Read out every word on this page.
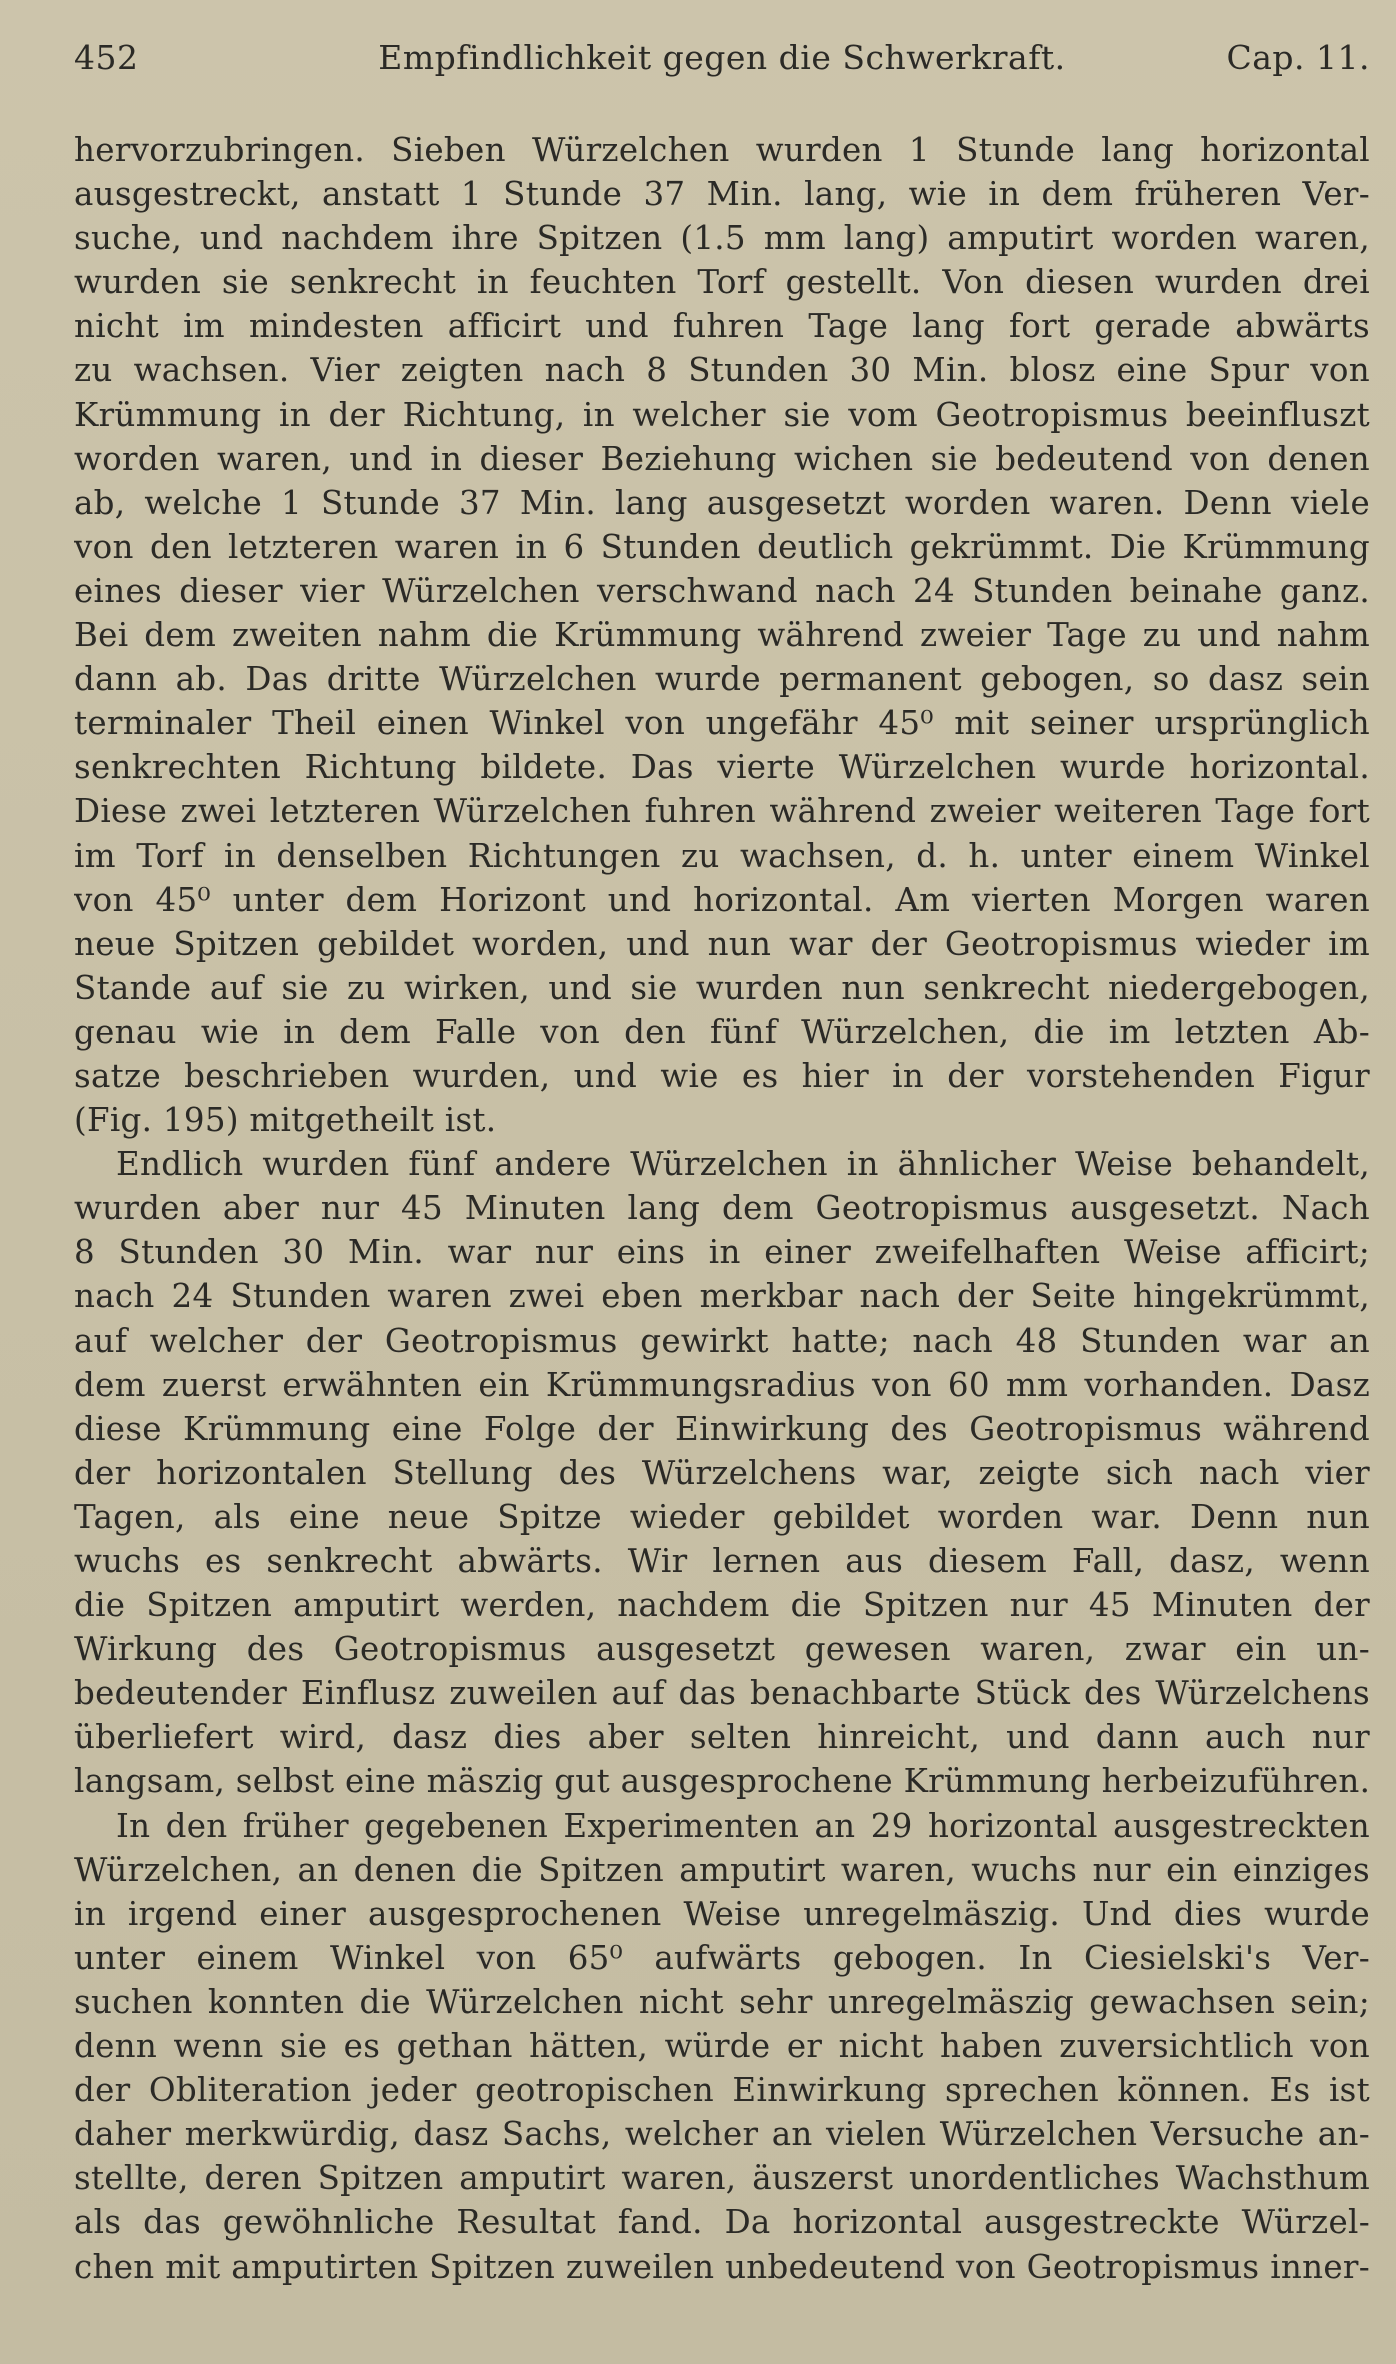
452	Empfindlichkeit gegen die Schwerkraft.	Cap. 11.
hervorzubringen. Sieben Würzelchen wurden 1 Stunde lang horizontal
ausgestreckt, anstatt 1 Stunde 37 Min. lang, wie in dem früheren Ver-
suche, und nachdem ihre Spitzen (1.5 mm lang) amputirt worden waren,
wurden sie senkrecht in feuchten Torf gestellt. Von diesen wurden drei
nicht im mindesten afficirt und fuhren Tage lang fort gerade abwärts
zu wachsen. Vier zeigten nach 8 Stunden 30 Min. blosz eine Spur von
Krümmung in der Richtung, in welcher sie vom Geotropismus beeinfluszt
worden waren, und in dieser Beziehung wichen sie bedeutend von denen
ab, welche 1 Stunde 37 Min. lang ausgesetzt worden waren. Denn viele
von den letzteren waren in 6 Stunden deutlich gekrümmt. Die Krümmung
eines dieser vier Würzelchen verschwand nach 24 Stunden beinahe ganz.
Bei dem zweiten nahm die Krümmung während zweier Tage zu und nahm
dann ab. Das dritte Würzelchen wurde permanent gebogen, so dasz sein
terminaler Theil einen Winkel von ungefähr 45⁰ mit seiner ursprünglich
senkrechten Richtung bildete. Das vierte Würzelchen wurde horizontal.
Diese zwei letzteren Würzelchen fuhren während zweier weiteren Tage fort
im Torf in denselben Richtungen zu wachsen, d. h. unter einem Winkel
von 45⁰ unter dem Horizont und horizontal. Am vierten Morgen waren
neue Spitzen gebildet worden, und nun war der Geotropismus wieder im
Stande auf sie zu wirken, und sie wurden nun senkrecht niedergebogen,
genau wie in dem Falle von den fünf Würzelchen, die im letzten Ab-
satze beschrieben wurden, und wie es hier in der vorstehenden Figur
(Fig. 195) mitgetheilt ist.
Endlich wurden fünf andere Würzelchen in ähnlicher Weise behandelt,
wurden aber nur 45 Minuten lang dem Geotropismus ausgesetzt. Nach
8 Stunden 30 Min. war nur eins in einer zweifelhaften Weise afficirt;
nach 24 Stunden waren zwei eben merkbar nach der Seite hingekrümmt,
auf welcher der Geotropismus gewirkt hatte; nach 48 Stunden war an
dem zuerst erwähnten ein Krümmungsradius von 60 mm vorhanden. Dasz
diese Krümmung eine Folge der Einwirkung des Geotropismus während
der horizontalen Stellung des Würzelchens war, zeigte sich nach vier
Tagen, als eine neue Spitze wieder gebildet worden war. Denn nun
wuchs es senkrecht abwärts. Wir lernen aus diesem Fall, dasz, wenn
die Spitzen amputirt werden, nachdem die Spitzen nur 45 Minuten der
Wirkung des Geotropismus ausgesetzt gewesen waren, zwar ein un-
bedeutender Einflusz zuweilen auf das benachbarte Stück des Würzelchens
überliefert wird, dasz dies aber selten hinreicht, und dann auch nur
langsam, selbst eine mäszig gut ausgesprochene Krümmung herbeizuführen.
In den früher gegebenen Experimenten an 29 horizontal ausgestreckten
Würzelchen, an denen die Spitzen amputirt waren, wuchs nur ein einziges
in irgend einer ausgesprochenen Weise unregelmäszig. Und dies wurde
unter einem Winkel von 65⁰ aufwärts gebogen. In Ciesielski's Ver-
suchen konnten die Würzelchen nicht sehr unregelmäszig gewachsen sein;
denn wenn sie es gethan hätten, würde er nicht haben zuversichtlich von
der Obliteration jeder geotropischen Einwirkung sprechen können. Es ist
daher merkwürdig, dasz Sachs, welcher an vielen Würzelchen Versuche an-
stellte, deren Spitzen amputirt waren, äuszerst unordentliches Wachsthum
als das gewöhnliche Resultat fand. Da horizontal ausgestreckte Würzel-
chen mit amputirten Spitzen zuweilen unbedeutend von Geotropismus inner-
